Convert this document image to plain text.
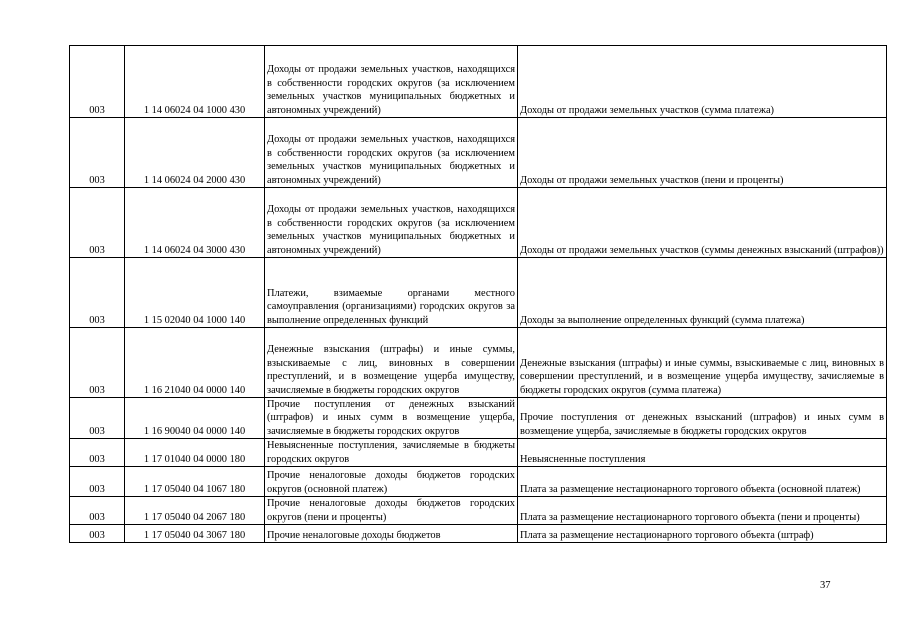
003	1 14 06024 04 1000 430	Доходы от продажи земельных участков, находящихся в собственности городских округов (за исключением земельных участков муниципальных бюджетных и автономных учреждений)	Доходы от продажи земельных участков (сумма платежа)
003	1 14 06024 04 2000 430	Доходы от продажи земельных участков, находящихся в собственности городских округов (за исключением земельных участков муниципальных бюджетных и автономных учреждений)	Доходы от продажи земельных участков (пени и проценты)
003	1 14 06024 04 3000 430	Доходы от продажи земельных участков, находящихся в собственности городских округов (за исключением земельных участков муниципальных бюджетных и автономных учреждений)	Доходы от продажи земельных участков (суммы денежных взысканий (штрафов))
003	1 15 02040 04 1000 140	Платежи, взимаемые органами местного самоуправления (организациями) городских округов за выполнение определенных функций	Доходы за выполнение определенных функций (сумма платежа)
003	1 16 21040 04 0000 140	Денежные взыскания (штрафы) и иные суммы, взыскиваемые с лиц, виновных в совершении преступлений, и в возмещение ущерба имуществу, зачисляемые в бюджеты городских округов	Денежные взыскания (штрафы) и иные суммы, взыскиваемые с лиц, виновных в совершении преступлений, и в возмещение ущерба имуществу, зачисляемые в бюджеты городских округов (сумма платежа)
003	1 16 90040 04 0000 140	Прочие поступления от денежных взысканий (штрафов) и иных сумм в возмещение ущерба, зачисляемые в бюджеты городских округов	Прочие поступления от денежных взысканий (штрафов) и иных сумм в возмещение ущерба, зачисляемые в бюджеты городских округов
003	1 17 01040 04 0000 180	Невыясненные поступления, зачисляемые в бюджеты городских округов	Невыясненные поступления
003	1 17 05040 04 1067 180	Прочие неналоговые доходы бюджетов городских округов (основной платеж)	Плата за размещение нестационарного торгового объекта (основной платеж)
003	1 17 05040 04 2067 180	Прочие неналоговые доходы бюджетов городских округов (пени и проценты)	Плата за размещение нестационарного торгового объекта (пени и проценты)
003	1 17 05040 04 3067 180	Прочие неналоговые доходы бюджетов	Плата за размещение нестационарного торгового объекта (штраф)
37
